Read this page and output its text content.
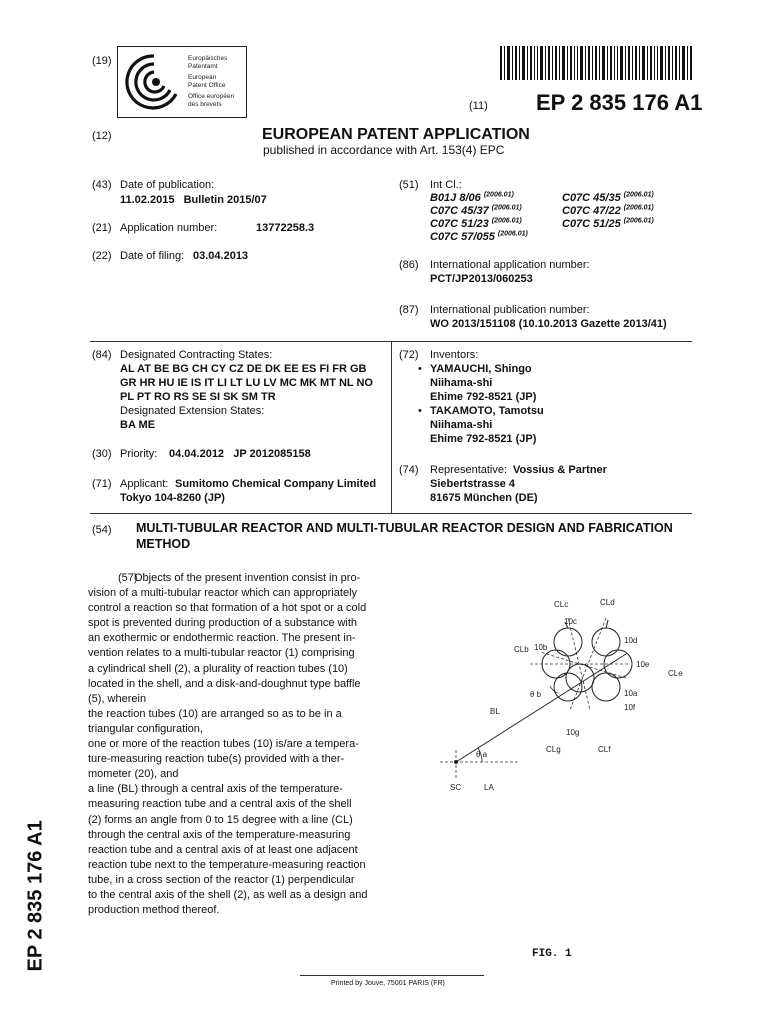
(19)	Europäisches
Patentamt
European
Patent Office
Office européen
des brevets	(11) EP 2 835 176 A1
(12)	EUROPEAN PATENT APPLICATION
published in accordance with Art. 153(4) EPC
(43) Date of publication:
11.02.2015   Bulletin 2015/07
(21) Application number:	13772258.3
(22) Date of filing: 03.04.2013
(51) Int Cl.:
B01J 8/06 $^{(2006.01)}$	C07C 45/35 $^{(2006.01)}$
C07C 45/37 $^{(2006.01)}$	C07C 47/22 $^{(2006.01)}$
C07C 51/23 $^{(2006.01)}$	C07C 51/25 $^{(2006.01)}$
C07C 57/055 $^{(2006.01)}$
(86) International application number:
PCT/JP2013/060253
(87) International publication number:
WO 2013/151108 (10.10.2013 Gazette 2013/41)
(84) Designated Contracting States:
AL AT BE BG CH CY CZ DE DK EE ES FI FR GB
GR HR HU IE IS IT LI LT LU LV MC MK MT NL NO
PL PT RO RS SE SI SK SM TR
Designated Extension States:
BA ME
(30) Priority: 04.04.2012   JP 2012085158
(71) Applicant: Sumitomo Chemical Company Limited
Tokyo 104-8260 (JP)
(72) Inventors:
• YAMAUCHI, Shingo
Niihama-shi
Ehime 792-8521 (JP)
• TAKAMOTO, Tamotsu
Niihama-shi
Ehime 792-8521 (JP)
(74) Representative: Vossius & Partner
Siebertstrasse 4
81675 München (DE)
(54) MULTI-TUBULAR REACTOR AND MULTI-TUBULAR REACTOR DESIGN AND FABRICATION
METHOD
(57)

Objects of the present invention consist in pro-

vision of a multi-tubular reactor which can appropriately

control a reaction so that formation of a hot spot or a cold

spot is prevented during production of a substance with

an exothermic or endothermic reaction. The present in-

vention relates to a multi-tubular reactor (1) comprising

a cylindrical shell (2), a plurality of reaction tubes (10)

located in the shell, and a disk-and-doughnut type baffle

(5), wherein

the reaction tubes (10) are arranged so as to be in a

triangular configuration,

one or more of the reaction tubes (10) is/are a tempera-

ture-measuring reaction tube(s) provided with a ther-

mometer (20), and

a line (BL) through a central axis of the temperature-

measuring reaction tube and a central axis of the shell

(2) forms an angle from 0 to 15 degree with a line (CL)

through the central axis of the temperature-measuring

reaction tube and a central axis of at least one adjacent

reaction tube next to the temperature-measuring reaction

tube, in a cross section of the reactor (1) perpendicular

to the central axis of the shell (2), as well as a design and

production method thereof.

CLc	CLd
10c
10d
CLb 10b
10e
CLe
θ b	10a
10f
BL
10g
CLg	CLf
θ a
SC	LA
FIG. 1
Printed by Jouve, 75001 PARIS (FR)
EP 2 835 176 A1
